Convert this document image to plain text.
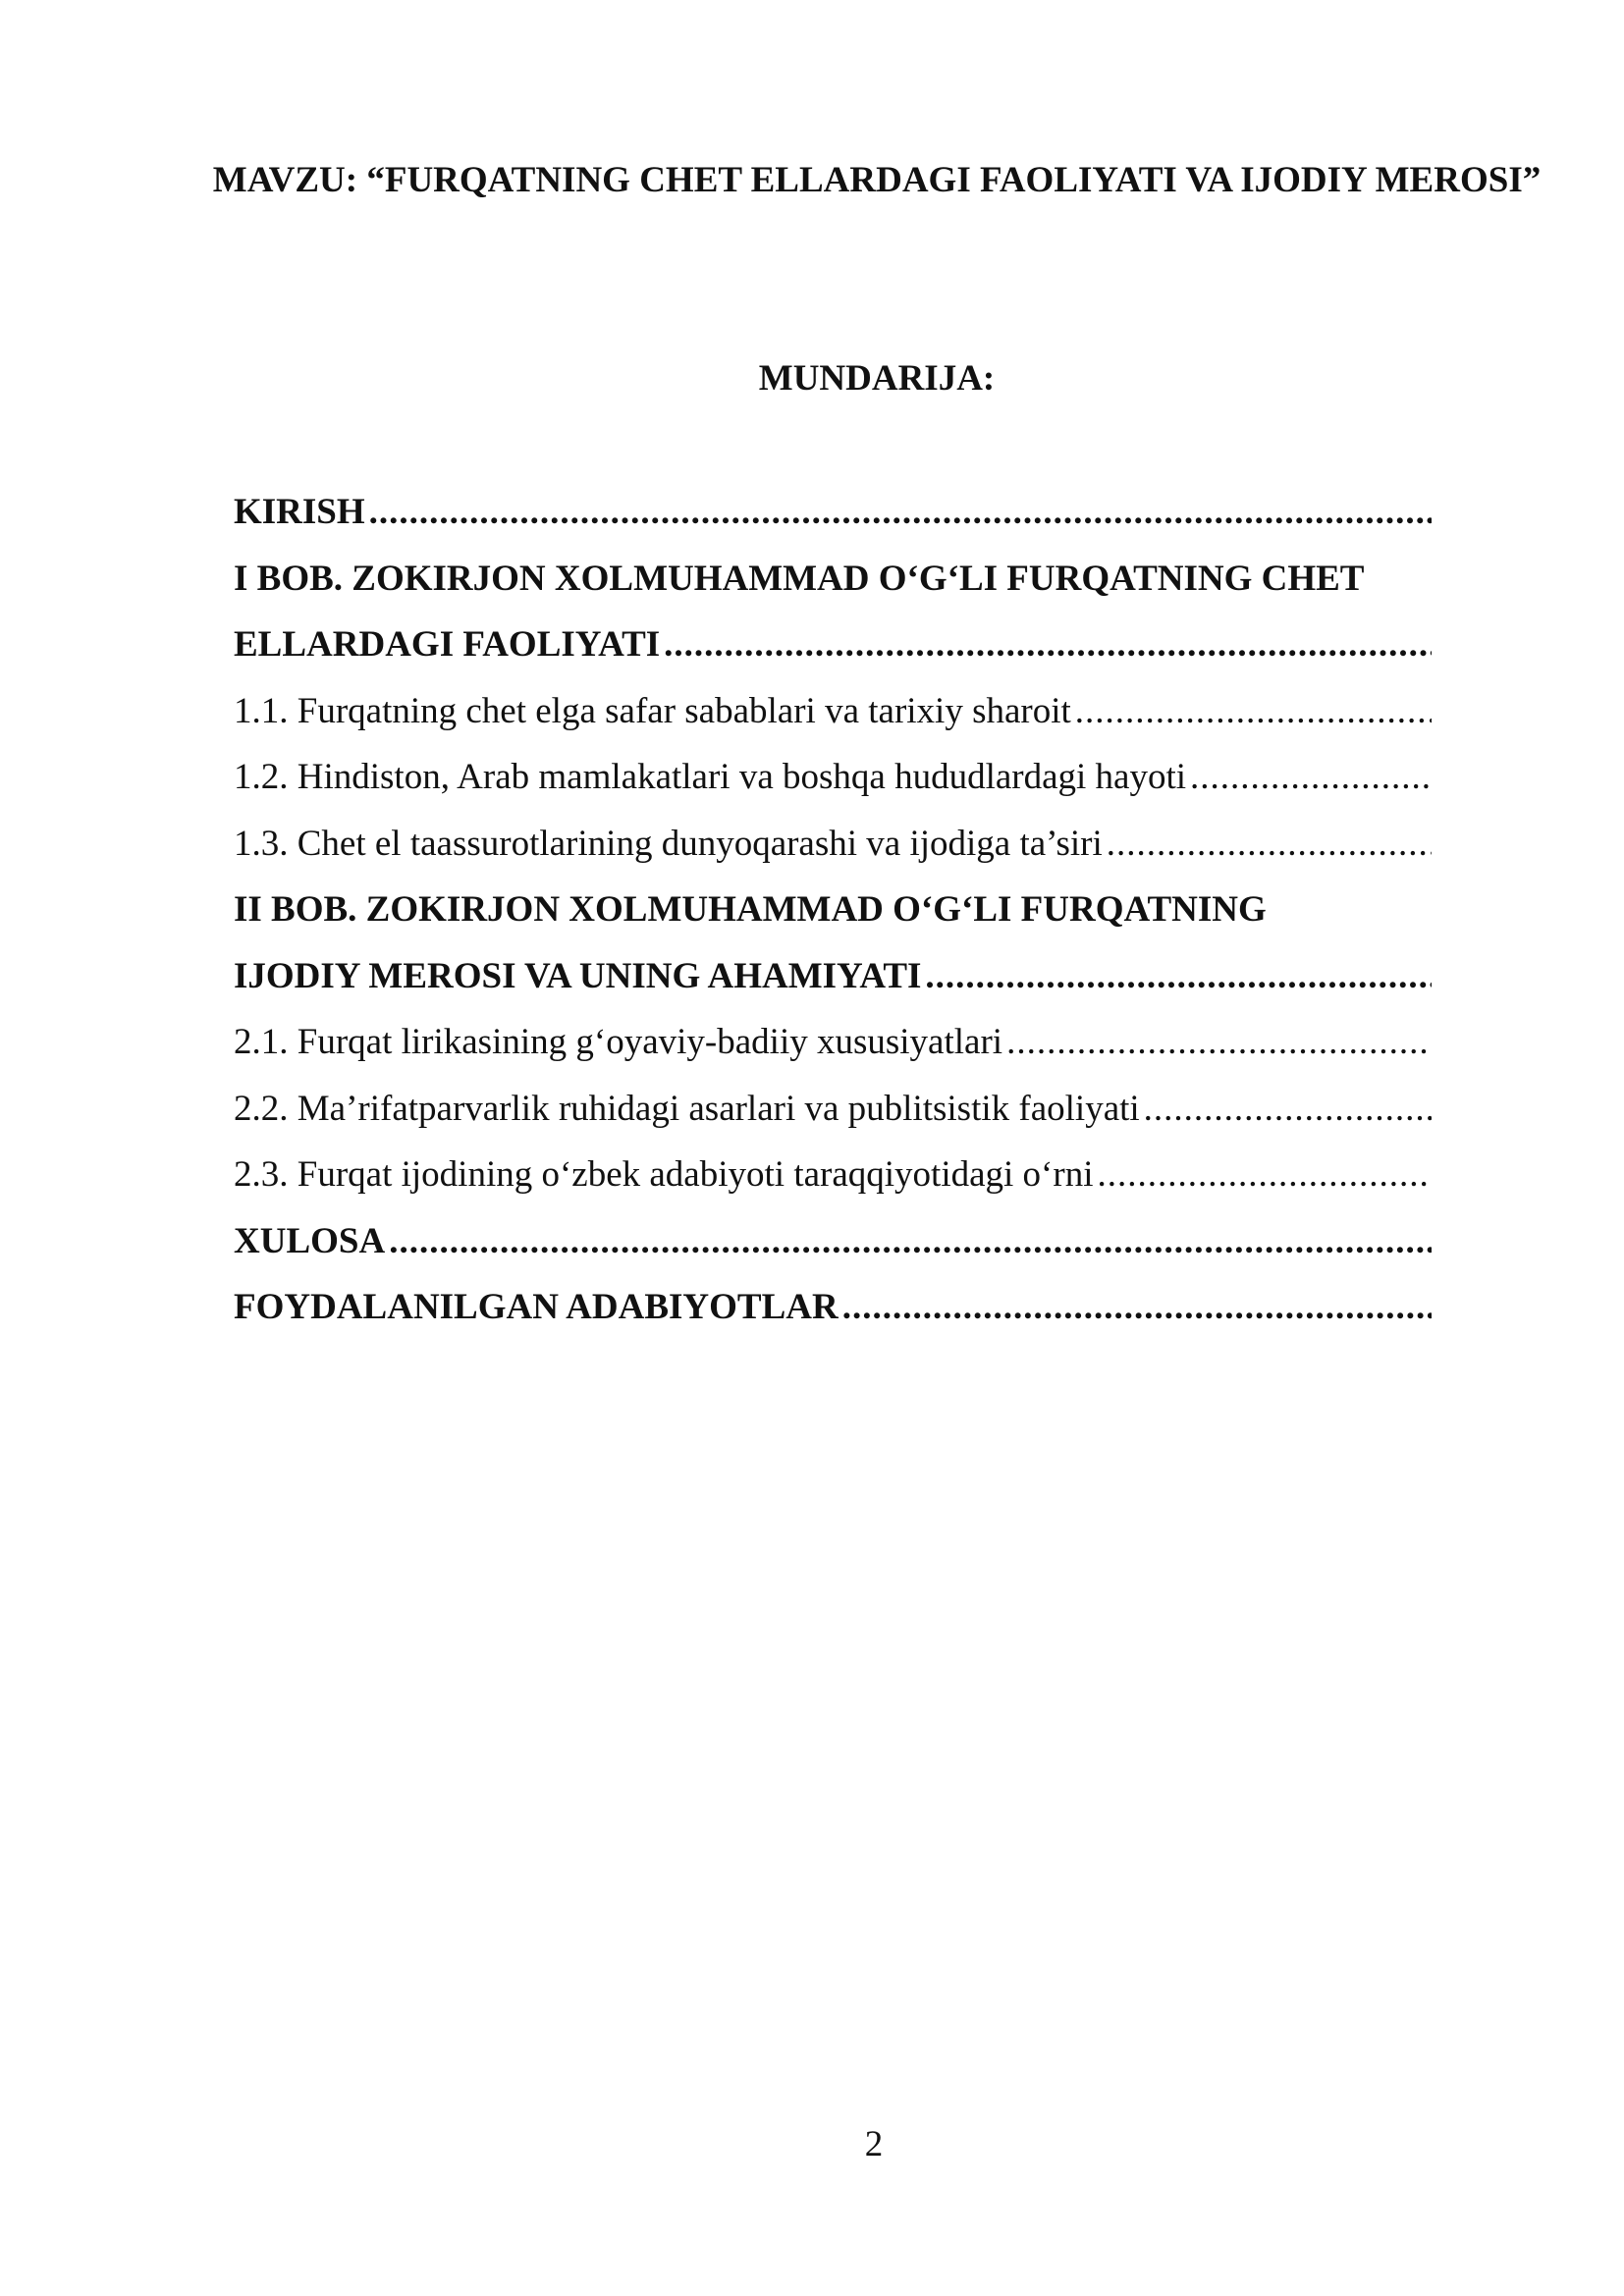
MAVZU: “FURQATNING CHET ELLARDAGI FAOLIYATI VA IJODIY MEROSI”
MUNDARIJA:
KIRISH
.....
I BOB. ZOKIRJON XOLMUHAMMAD O‘G‘LI FURQATNING CHET
ELLARDAGI FAOLIYATI
.....
1.1. Furqatning chet elga safar sabablari va tarixiy sharoit
.....
1.2. Hindiston, Arab mamlakatlari va boshqa hududlardagi hayoti
.....
1.3. Chet el taassurotlarining dunyoqarashi va ijodiga ta’siri
.....
II BOB. ZOKIRJON XOLMUHAMMAD O‘G‘LI FURQATNING
IJODIY MEROSI VA UNING AHAMIYATI
.....
2.1. Furqat lirikasining g‘oyaviy-badiiy xususiyatlari
.....
2.2. Ma’rifatparvarlik ruhidagi asarlari va publitsistik faoliyati
.....
2.3. Furqat ijodining o‘zbek adabiyoti taraqqiyotidagi o‘rni
.....
XULOSA
.....
FOYDALANILGAN ADABIYOTLAR
.....
2
